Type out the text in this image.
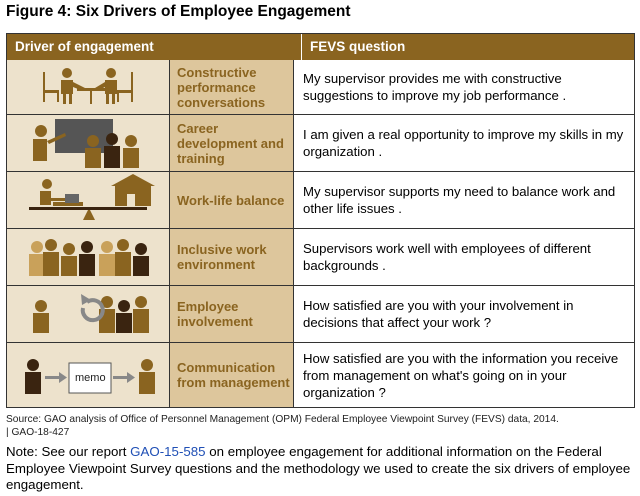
Figure 4: Six Drivers of Employee Engagement
Driver of engagement	FEVS question
Constructive performance conversations
My supervisor provides me with constructive suggestions to improve my job performance .
Career development and training
I am given a real opportunity to improve my skills in my organization .
Work-life balance
My supervisor supports my need to balance work and other life issues .
Inclusive work environment
Supervisors work well with employees of different backgrounds .
Employee involvement
How satisfied are you with your involvement in decisions that affect your work ?
memo
Communication from management
How satisfied are you with the information you receive from management on what's going on in your organization ?
Source: GAO analysis of Office of Personnel Management (OPM) Federal Employee Viewpoint Survey (FEVS) data, 2014.
| GAO-18-427
Note: See our report GAO-15-585 on employee engagement for additional information on the Federal Employee Viewpoint Survey questions and the methodology we used to create the six drivers of employee engagement.
